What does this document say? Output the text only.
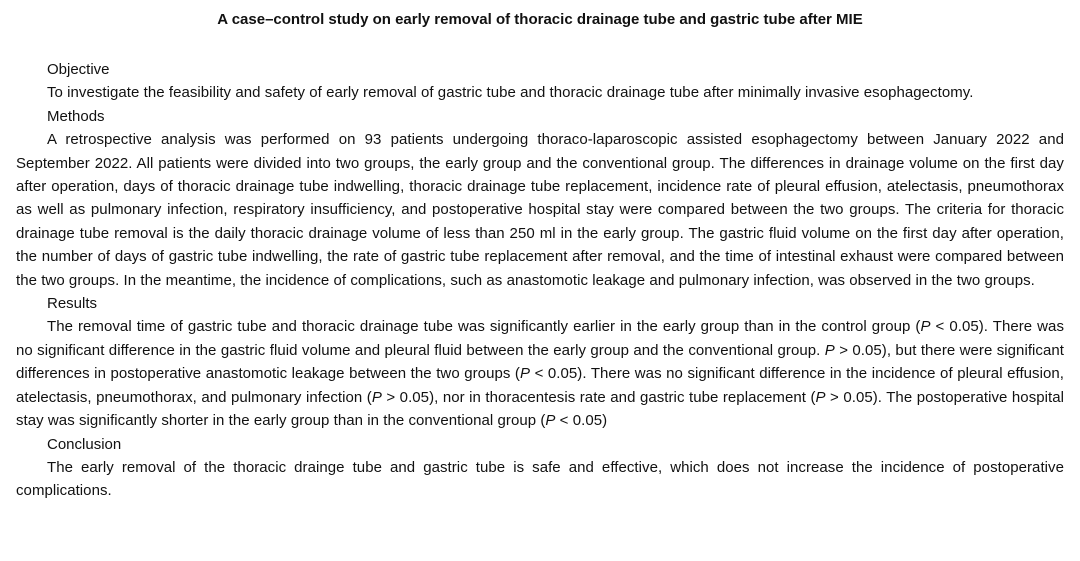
A case–control study on early removal of thoracic drainage tube and gastric tube after MIE

Objective

To investigate the feasibility and safety of early removal of gastric tube and thoracic drainage tube after minimally invasive esophagectomy.

Methods

A retrospective analysis was performed on 93 patients undergoing thoraco-laparoscopic assisted esophagectomy between January 2022 and September 2022. All patients were divided into two groups, the early group and the conventional group. The differences in drainage volume on the first day after operation, days of thoracic drainage tube indwelling, thoracic drainage tube replacement, incidence rate of pleural effusion, atelectasis, pneumothorax as well as pulmonary infection, respiratory insufficiency, and postoperative hospital stay were compared between the two groups. The criteria for thoracic drainage tube removal is the daily thoracic drainage volume of less than 250 ml in the early group. The gastric fluid volume on the first day after operation, the number of days of gastric tube indwelling, the rate of gastric tube replacement after removal, and the time of intestinal exhaust were compared between the two groups. In the meantime, the incidence of complications, such as anastomotic leakage and pulmonary infection, was observed in the two groups.

Results

The removal time of gastric tube and thoracic drainage tube was significantly earlier in the early group than in the control group (P < 0.05). There was no significant difference in the gastric fluid volume and pleural fluid between the early group and the conventional group. P > 0.05), but there were significant differences in postoperative anastomotic leakage between the two groups (P < 0.05). There was no significant difference in the incidence of pleural effusion, atelectasis, pneumothorax, and pulmonary infection (P > 0.05), nor in thoracentesis rate and gastric tube replacement (P > 0.05). The postoperative hospital stay was significantly shorter in the early group than in the conventional group (P < 0.05)

Conclusion

The early removal of the thoracic drainge tube and gastric tube is safe and effective, which does not increase the incidence of postoperative complications.
